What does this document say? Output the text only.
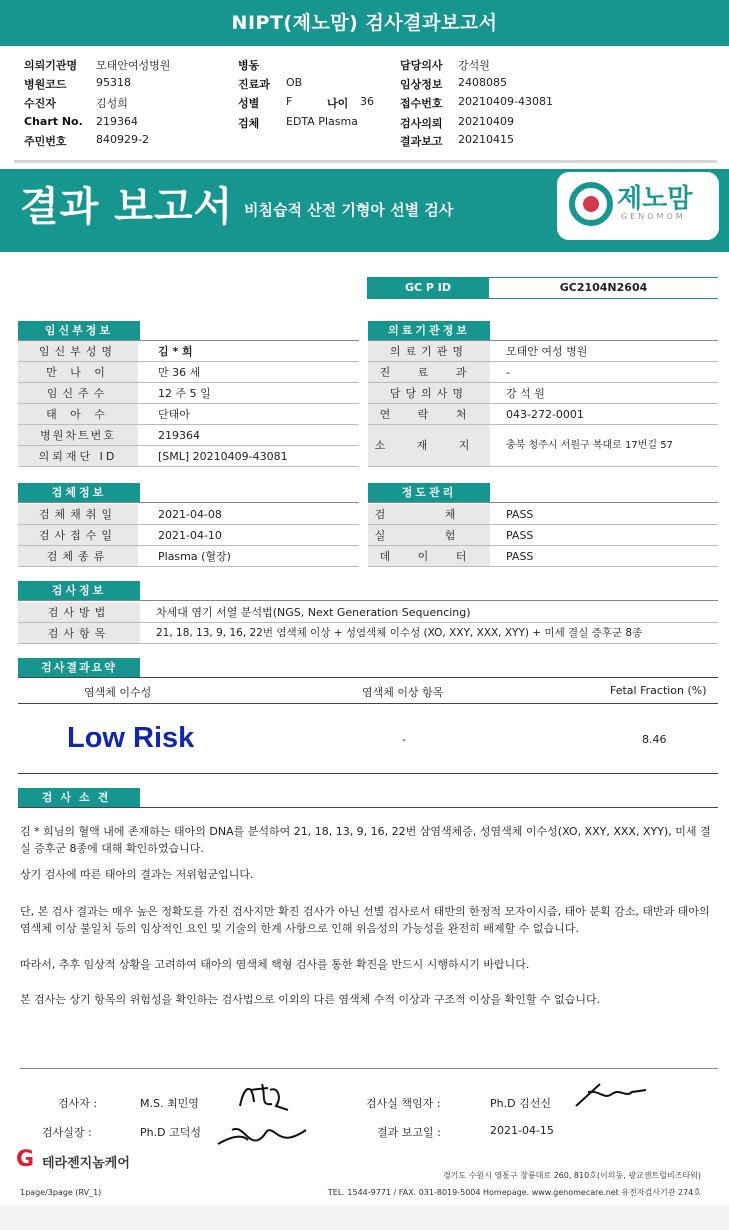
NIPT(제노맘) 검사결과보고서
의뢰기관명 모태안여성병원
병원코드	95318
수진자	김성희
Chart No. 219364
주민번호	840929-2
병동
진료과 OB
성별 F
검체 EDTA Plasma
나이 36
담당의사 강석원
임상정보 2408085
접수번호 20210409-43081
검사의뢰 20210409
결과보고 20210415
결과 보고서 비침습적 산전 기형아 선별 검사	제노맘
GENOMOM
GC P ID	GC2104N2604
임신부정보
임신부성명	김 * 희
만 나 이	만 36 세
임신주수	12 주 5 일
태 아 수	단태아
병원차트번호	219364
의뢰재단 ID	[SML] 20210409-43081
의료기관정보
의료기관명	모태안 여성 병원
진 료 과	-
담당의사명	강 석 원
연 락 처	043-272-0001
소 재 지	충북 청주시 서원구 복대로 17번길 57
검체정보
검체채취일	2021-04-08
검사접수일	2021-04-10
검체종류	Plasma (혈장)
정도관리
검 체	PASS
실 험	PASS
데 이 터	PASS
검사정보
검사방법	차세대 염기 서열 분석법(NGS, Next Generation Sequencing)
검사항목	21, 18, 13, 9, 16, 22번 염색체 이상 + 성염색체 이수성 (XO, XXY, XXX, XYY) + 미세 결실 증후군 8종
검사결과요약
염색체 이수성	염색체 이상 항목	Fetal Fraction (%)
Low Risk	-	8.46
검사소견
김 * 희님의 혈액 내에 존재하는 태아의 DNA를 분석하여 21, 18, 13, 9, 16, 22번 삼염색체증, 성염색체 이수성(XO, XXY, XXX, XYY), 미세 결실 증후군 8종에 대해 확인하였습니다.
상기 검사에 따른 태아의 결과는 저위험군입니다.
단, 본 검사 결과는 매우 높은 정확도를 가진 검사지만 확진 검사가 아닌 선별 검사로서 태반의 한정적 모자이시즘, 태아 분획 감소, 태반과 태아의 염색체 이상 불일치 등의 임상적인 요인 및 기술의 한계 사항으로 인해 위음성의 가능성을 완전히 배제할 수 없습니다.
따라서, 추후 임상적 상황을 고려하여 태아의 염색체 핵형 검사를 통한 확진을 반드시 시행하시기 바랍니다.
본 검사는 상기 항목의 위험성을 확인하는 검사법으로 이외의 다른 염색체 수적 이상과 구조적 이상을 확인할 수 없습니다.
검사자 :	M.S. 최민영
검사실장 :	Ph.D 고덕성
검사실 책임자 :	Ph.D 김선신
결과 보고일 :	2021-04-15
G 테라젠지놈케어
경기도 수원시 영통구 창룡대로 260, 810호(이의동, 광교센트럴비즈타워)
TEL. 1544-9771 / FAX. 031-8019-5004 Homepage. www.genomecare.net 유전자검사기관 274호
1page/3page (RV_1)
